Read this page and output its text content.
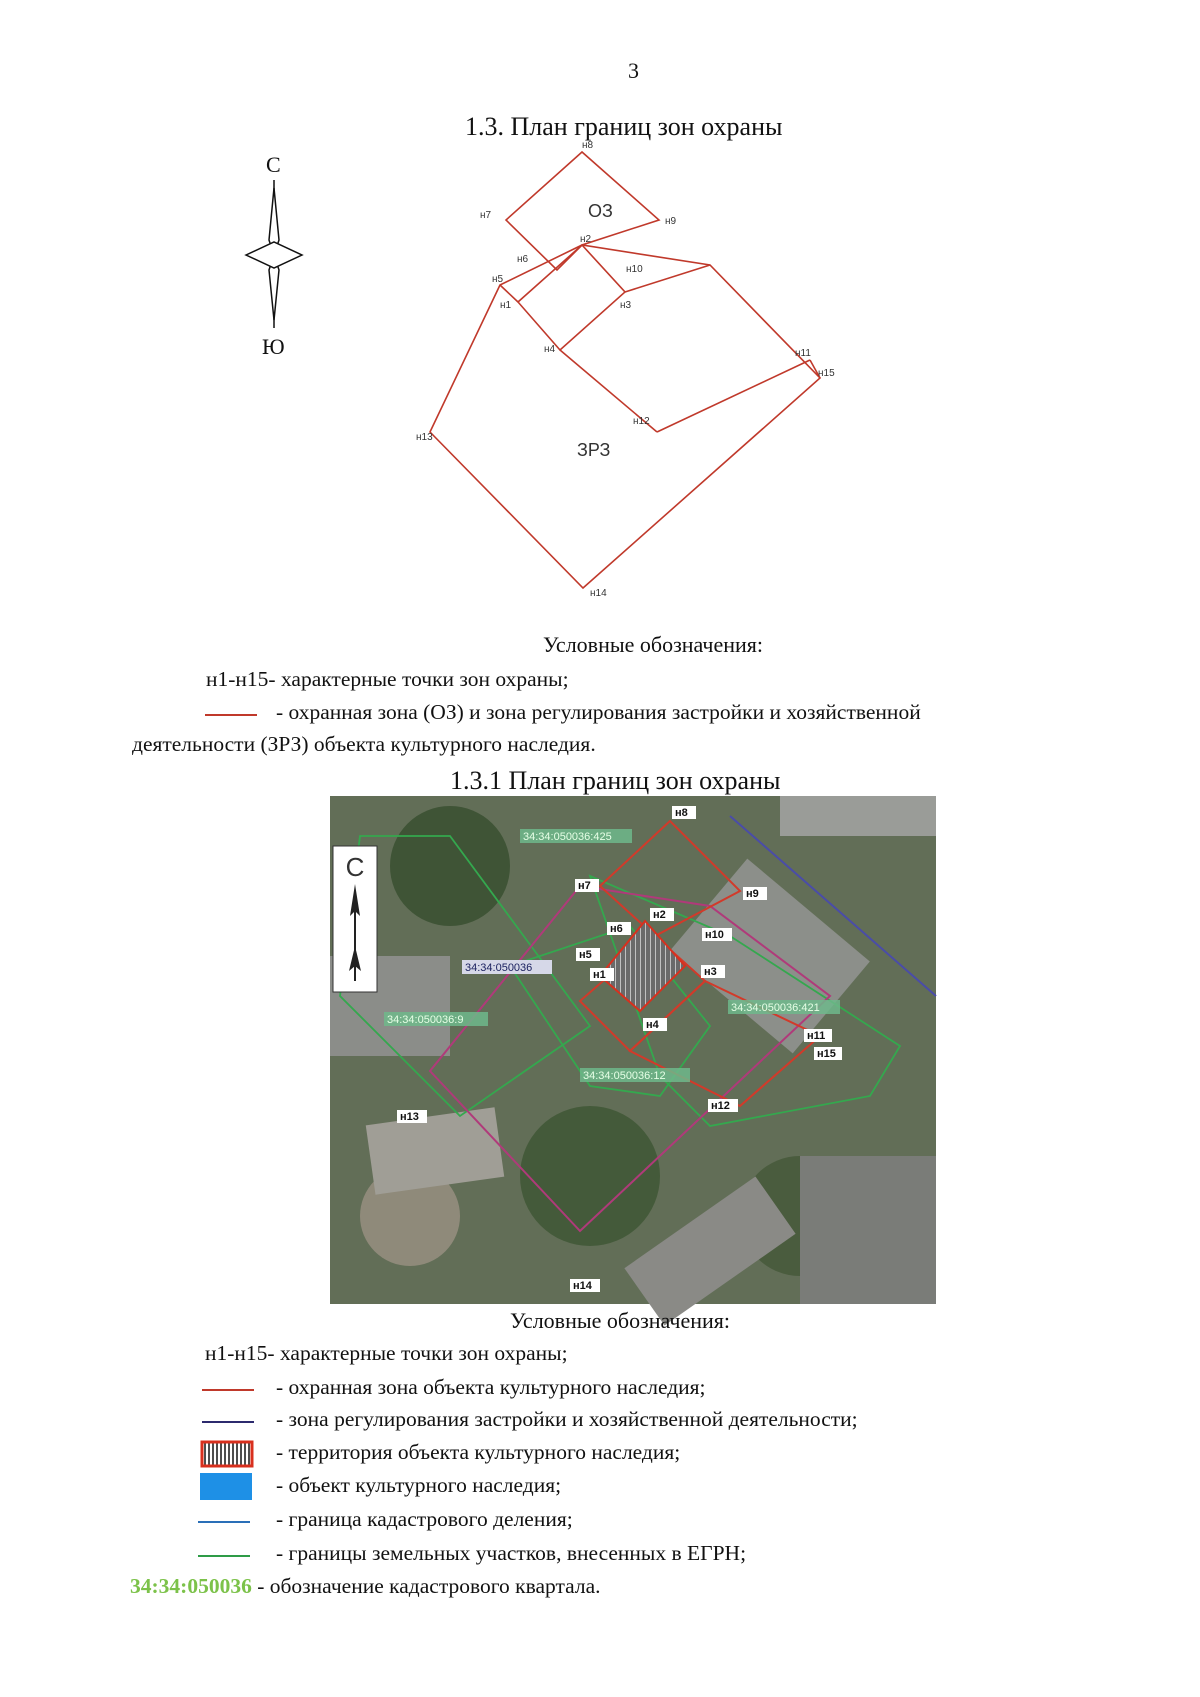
3
1.3. План границ зон охраны
С
Ю
н8
н7
н9
н2
н6
н10
н5
н1	н3
н4	н11
н15
н12
н13
н14
ОЗ
ЗРЗ
Условные обозначения:
н1-н15- характерные точки зон охраны;
- охранная зона (ОЗ) и зона регулирования застройки и хозяйственной
деятельности (ЗРЗ) объекта культурного наследия.
1.3.1 План границ зон охраны
С
34:34:050036:425
34:34:050036
34:34:050036:9
34:34:050036:421
34:34:050036:12
н8
н7
н9
н2
н6	н10
н5
н1	н3
н4
н11
н15
н12
н13
н14
Условные обозначения:
н1-н15- характерные точки зон охраны;
- охранная зона объекта культурного наследия;
- зона регулирования застройки и хозяйственной деятельности;
- территория объекта культурного наследия;
- объект культурного наследия;
- граница кадастрового деления;
- границы земельных участков, внесенных в ЕГРН;
34:34:050036 - обозначение кадастрового квартала.
